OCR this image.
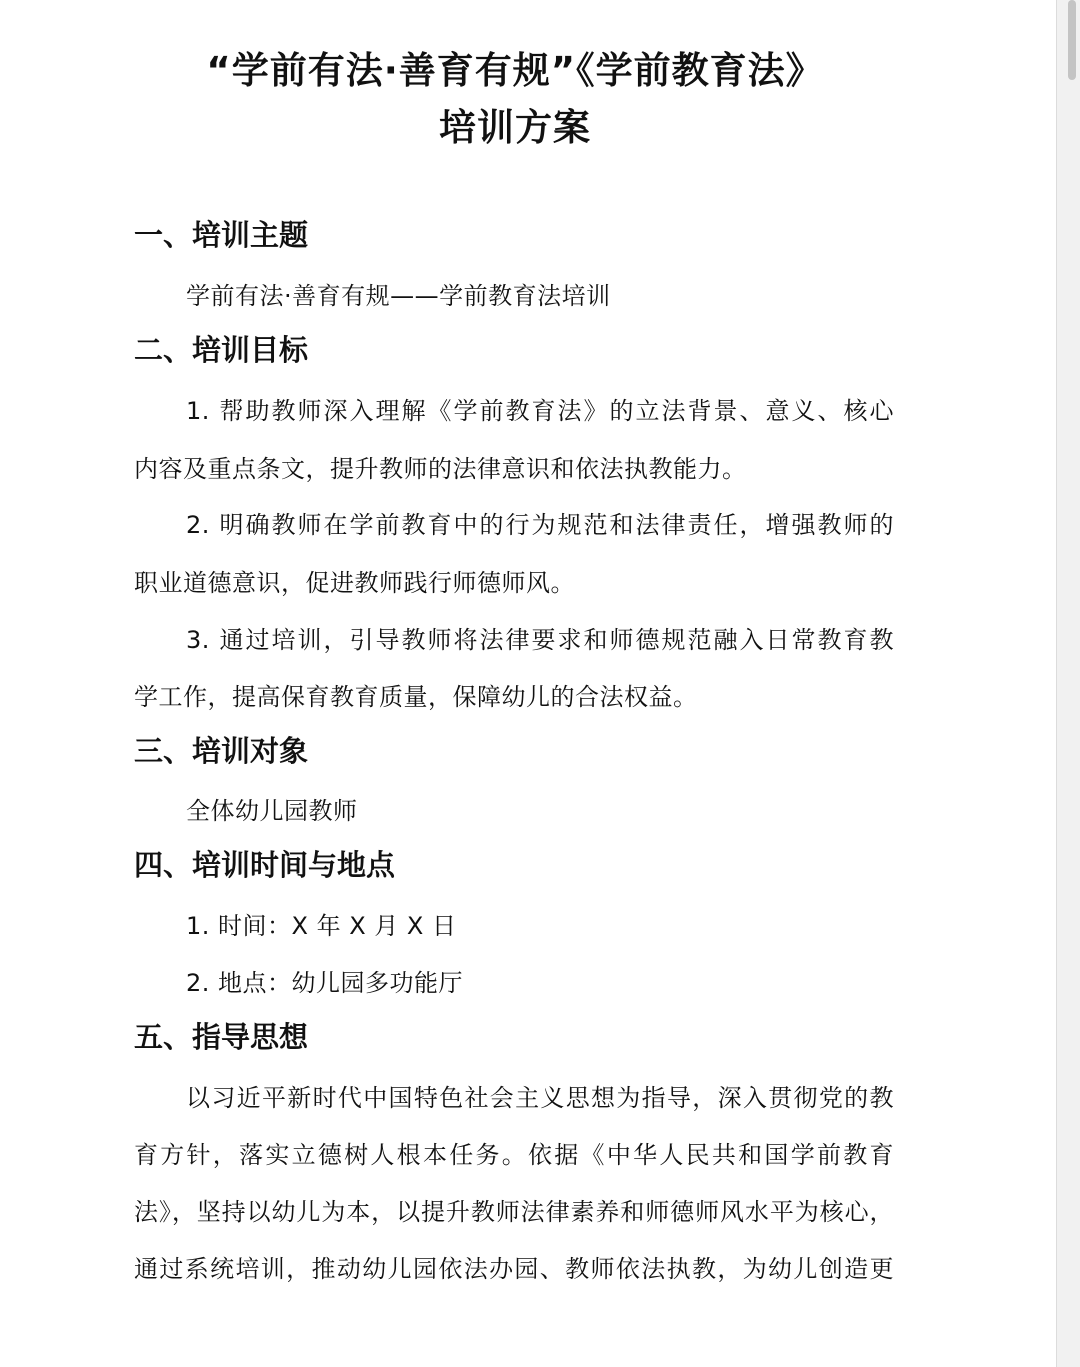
“学前有法·善育有规”《学前教育法》
培训方案
一、培训主题

学前有法·善育有规——学前教育法培训

二、培训目标

1. 帮助教师深入理解《学前教育法》的立法背景、意义、核心

内容及重点条文，提升教师的法律意识和依法执教能力。

2. 明确教师在学前教育中的行为规范和法律责任，增强教师的

职业道德意识，促进教师践行师德师风。

3. 通过培训，引导教师将法律要求和师德规范融入日常教育教

学工作，提高保育教育质量，保障幼儿的合法权益。

三、培训对象

全体幼儿园教师

四、培训时间与地点

1. 时间：X 年 X 月 X 日

2. 地点：幼儿园多功能厅

五、指导思想

以习近平新时代中国特色社会主义思想为指导，深入贯彻党的教

育方针，落实立德树人根本任务。依据《中华人民共和国学前教育

法》，坚持以幼儿为本，以提升教师法律素养和师德师风水平为核心，

通过系统培训，推动幼儿园依法办园、教师依法执教，为幼儿创造更
